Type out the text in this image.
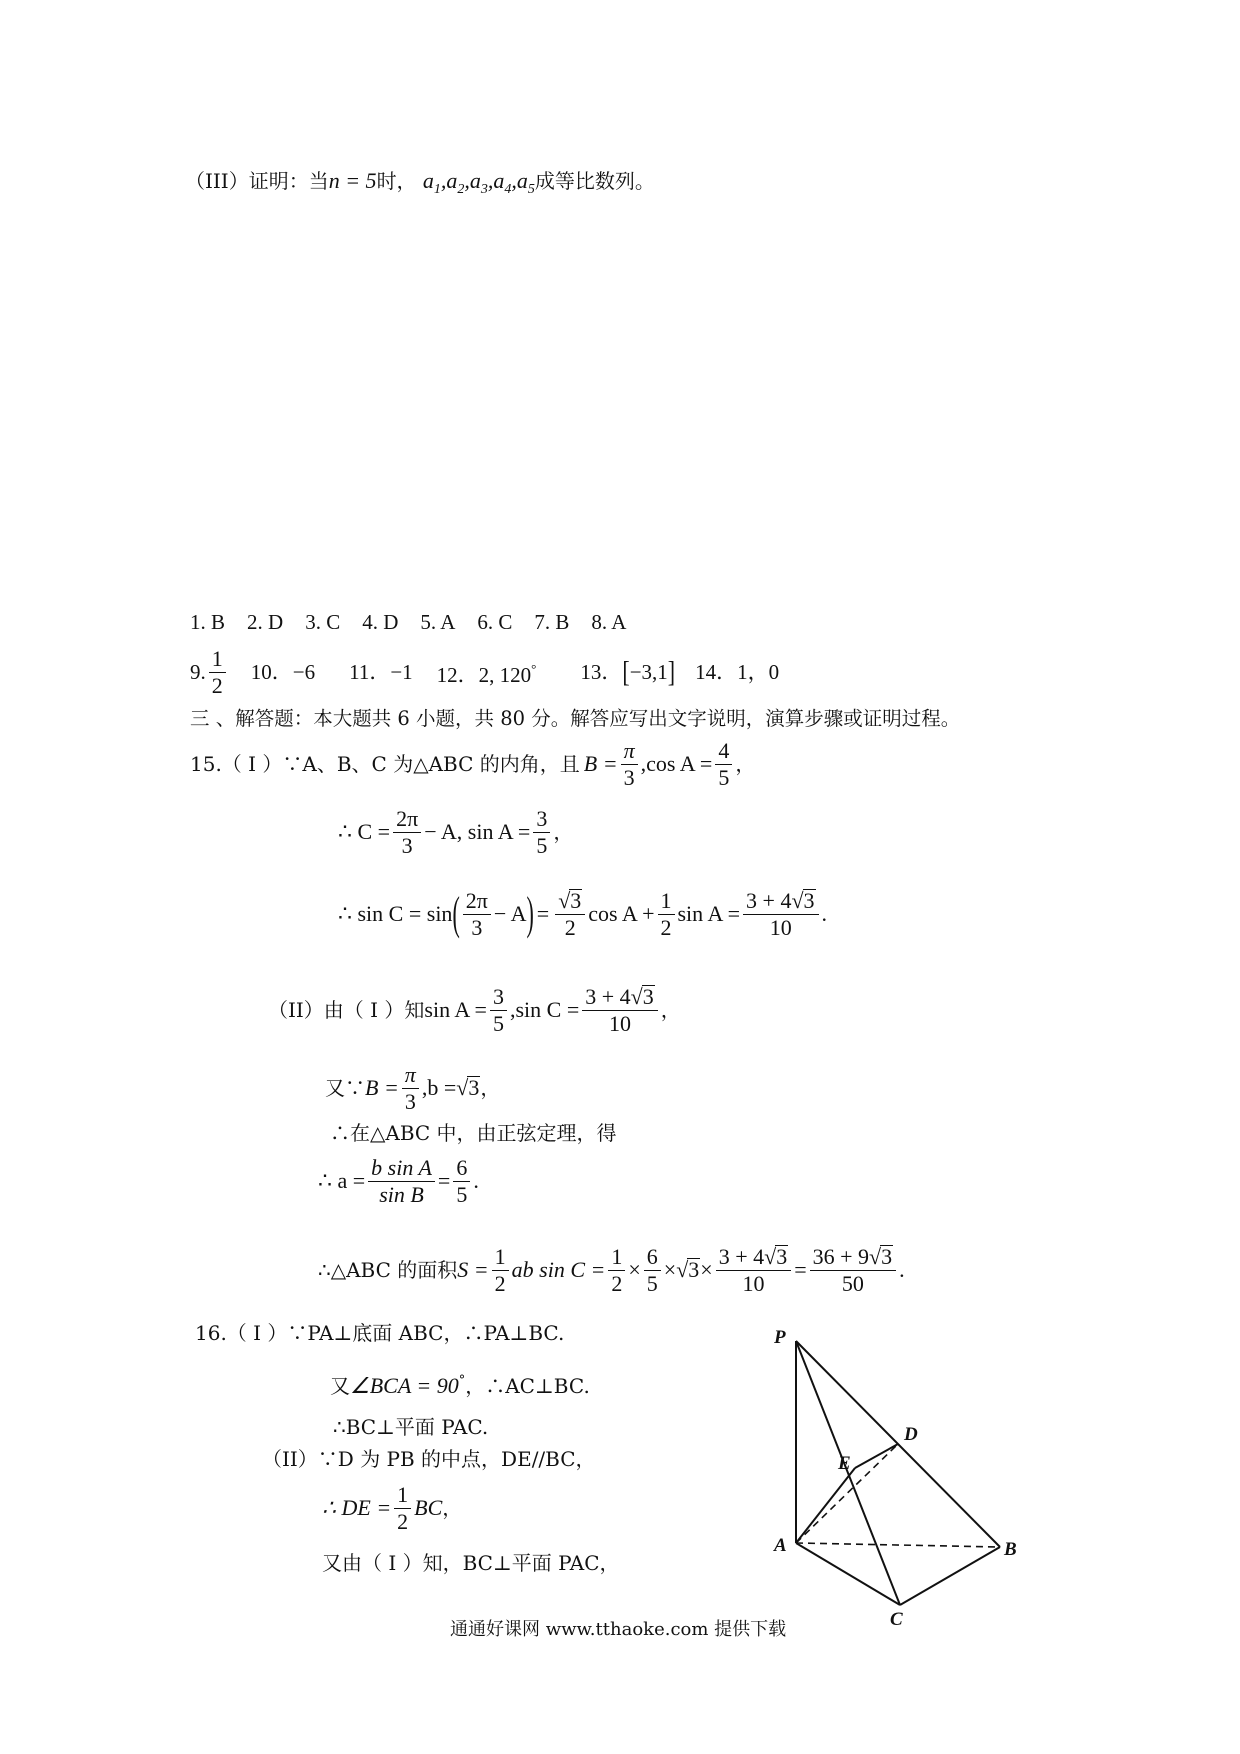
（III）证明：当n = 5时， $a_1,a_2,a_3,a_4,a_5$成等比数列。
1. B 2. D 3. C 4. D 5. A 6. C 7. B 8. A
9.
1
2
10．−6 11．−1 12．2, 120° 13． [−3,1] 14．1，0
三 、解答题：本大题共 6 小题，共 80 分。解答应写出文字说明，演算步骤或证明过程。
15.（ I ）∵A、B、C 为△ABC 的内角，且 $B = \frac{\pi}{3} ,\cos$ $A = \frac{4}{5}$ ，
∴ $C = \frac{2\pi}{3} - A$, $\sin A = \frac{3}{5}$ ，
∴ sin C = sin ( 2π
3
− A ) = $\frac{√3}{2}$ $\cos A + \frac{1}{2}$ $\sin A = \frac{3 + 4√3}{10}$ .
（II）由（ I ）知 $\sin A = \frac{3}{5} ,\sin$ $C = \frac{3 + 4√3}{10}$ ，
又∵ $B = \frac{\pi}{3} ,b = √3$ ，
∴在△ABC 中，由正弦定理，得
∴ $a = \frac{\text{b sin A}}{\text{sin B}} = \frac{6}{5}$ .
∴△ABC 的面积 $S = \frac{1}{2}$ ab $\sin C = \frac{1}{2} \times \frac{6}{5} \times √3 \times \frac{3 + 4√3}{10} = \frac{36 + 9√3}{50}$ .
16.（ I ）∵PA⊥底面 ABC，∴PA⊥BC.
又∠BCA = 90°，∴AC⊥BC.
∴BC⊥平面 PAC.
（II）∵D 为 PB 的中点，DE//BC，
∴ DE = $\frac{1}{2}$ BC ，
又由（ I ）知，BC⊥平面 PAC，
P
D
E
A	B
C
通通好课网 www.tthaoke.com 提供下载
